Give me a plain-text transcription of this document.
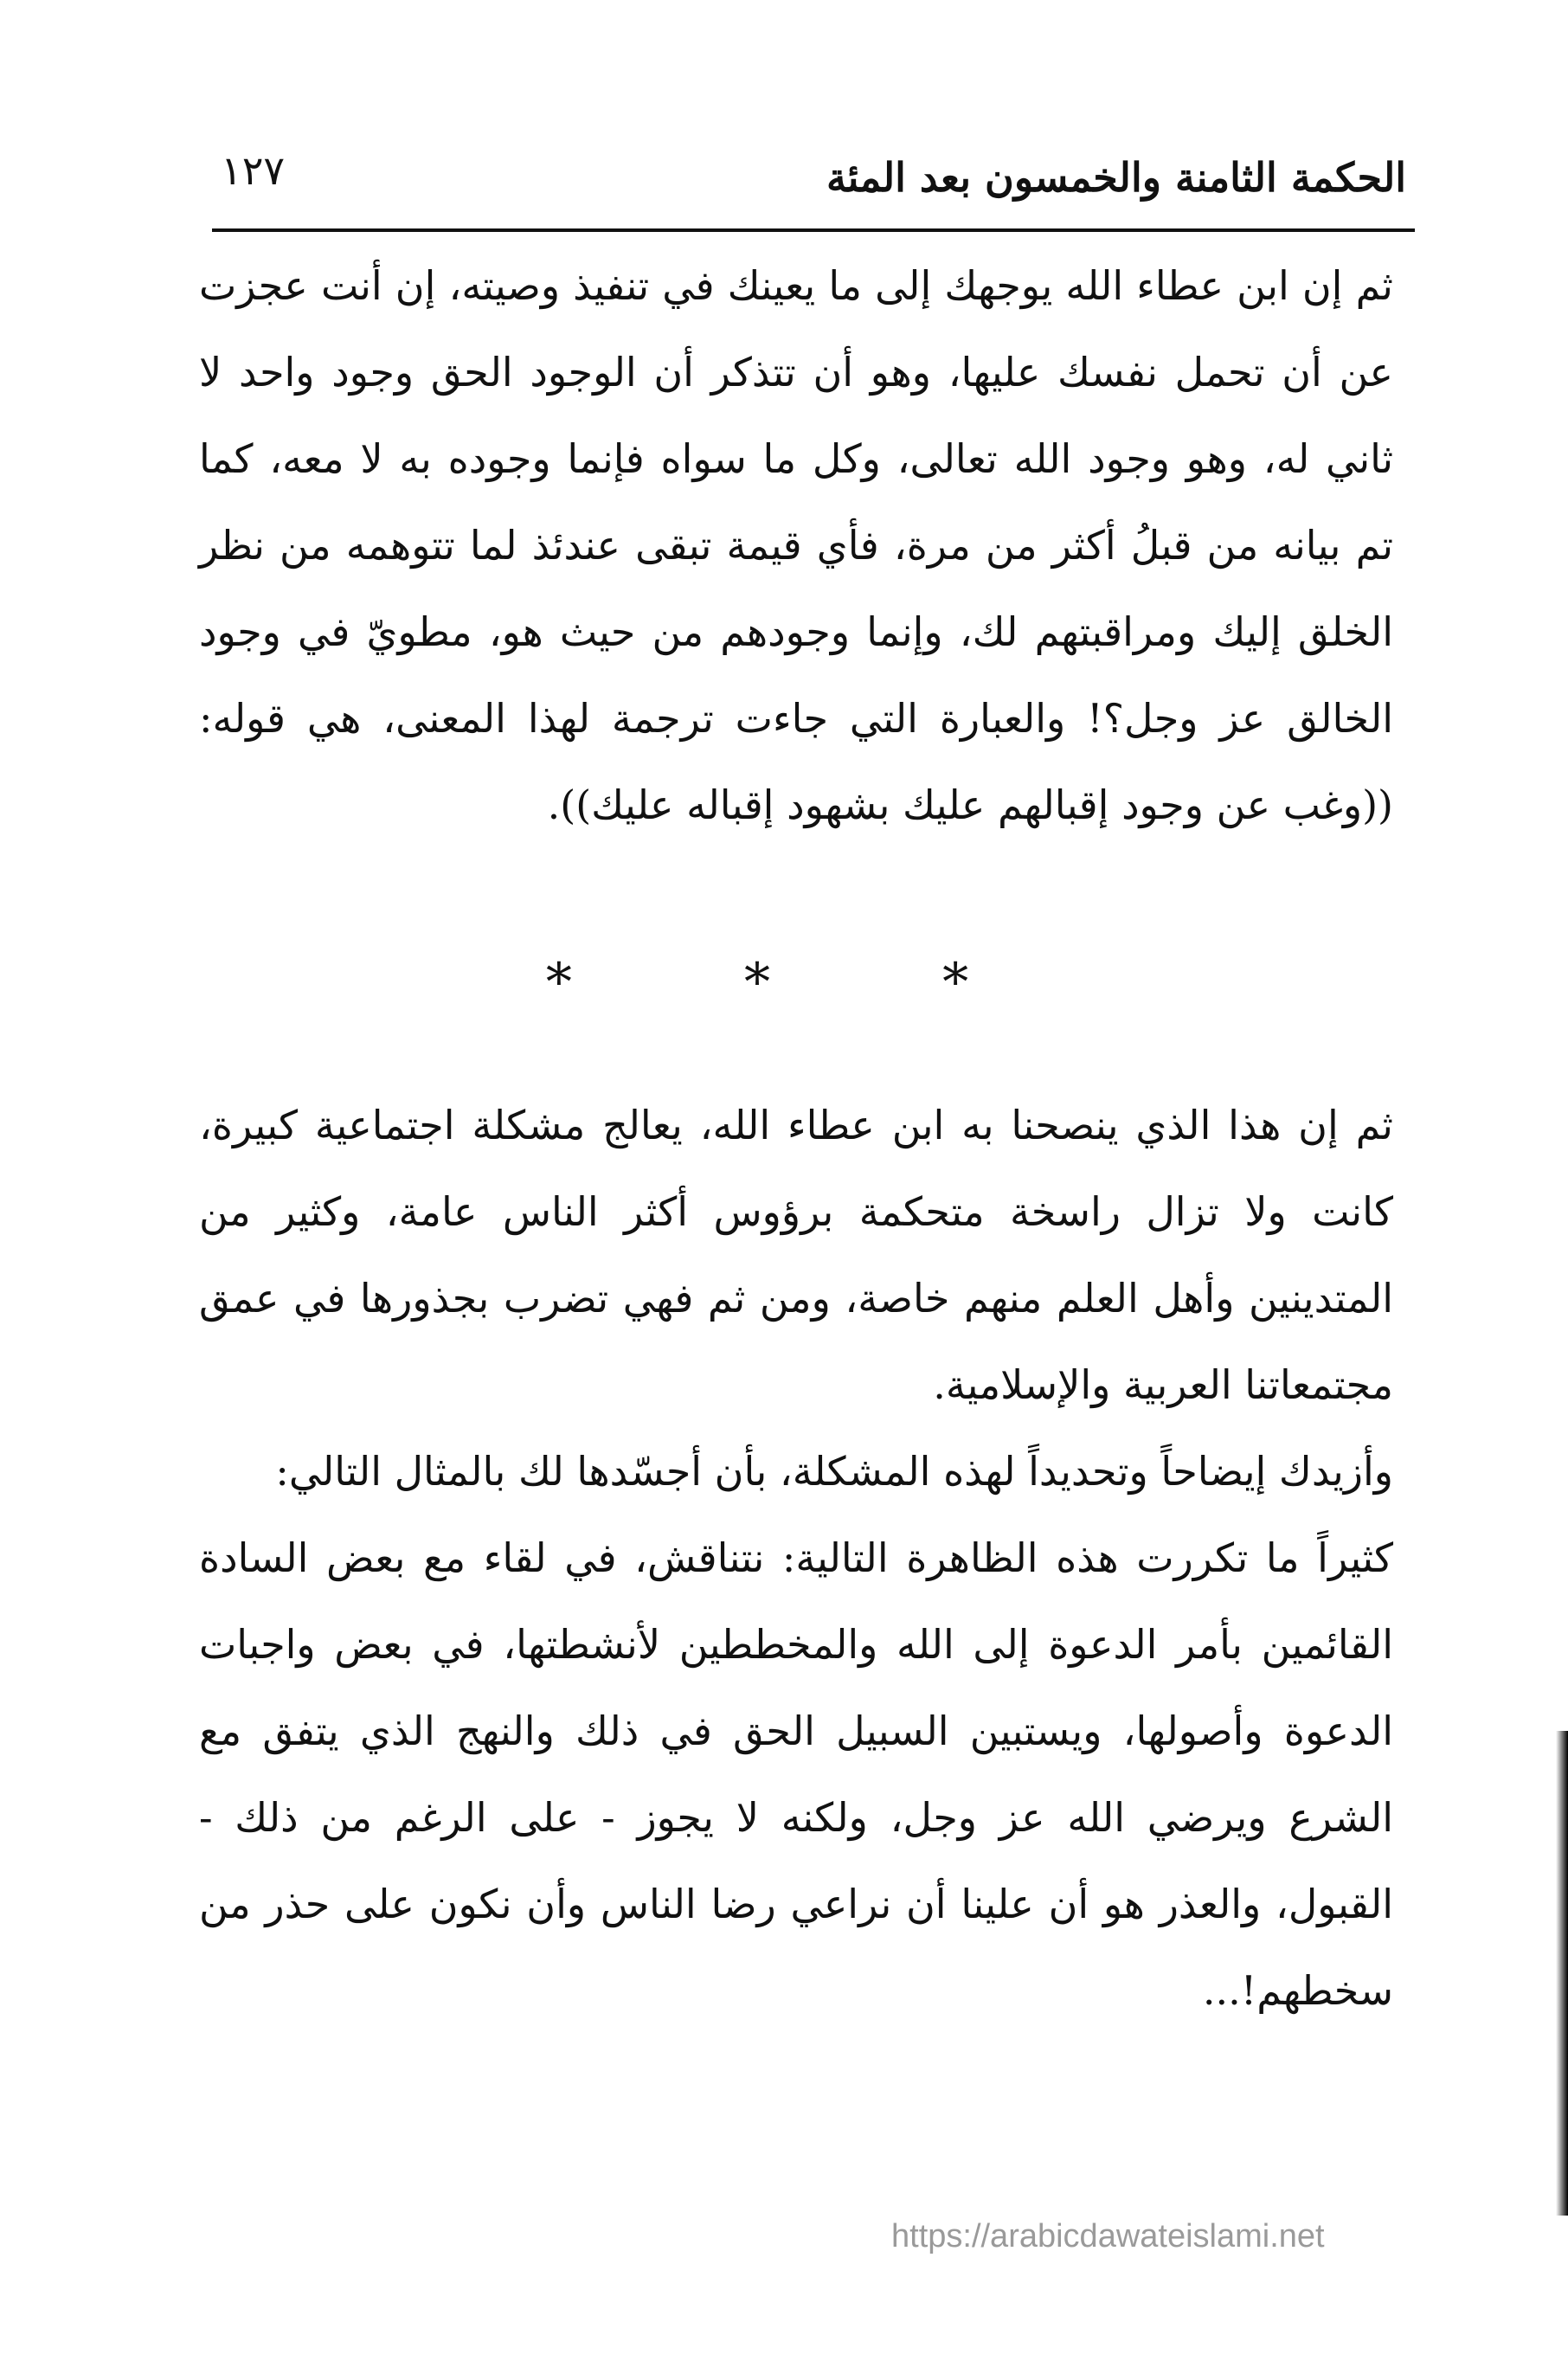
الحكمة الثامنة والخمسون بعد المئة
١٢٧

ثم إن ابن عطاء الله يوجهك إلى ما يعينك في تنفيذ وصيته، إن أنت عجزت عن أن تحمل نفسك عليها، وهو أن تتذكر أن الوجود الحق وجود واحد لا ثاني له، وهو وجود الله تعالى، وكل ما سواه فإنما وجوده به لا معه، كما تم بيانه من قبلُ أكثر من مرة، فأي قيمة تبقى عندئذ لما تتوهمه من نظر الخلق إليك ومراقبتهم لك، وإنما وجودهم من حيث هو، مطويّ في وجود الخالق عز وجل؟! والعبارة التي جاءت ترجمة لهذا المعنى، هي قوله: ((وغب عن وجود إقبالهم عليك بشهود إقباله عليك)).

* * *

ثم إن هذا الذي ينصحنا به ابن عطاء الله، يعالج مشكلة اجتماعية كبيرة، كانت ولا تزال راسخة متحكمة برؤوس أكثر الناس عامة، وكثير من المتدينين وأهل العلم منهم خاصة، ومن ثم فهي تضرب بجذورها في عمق مجتمعاتنا العربية والإسلامية.

وأزيدك إيضاحاً وتحديداً لهذه المشكلة، بأن أجسّدها لك بالمثال التالي:

كثيراً ما تكررت هذه الظاهرة التالية: نتناقش، في لقاء مع بعض السادة القائمين بأمر الدعوة إلى الله والمخططين لأنشطتها، في بعض واجبات الدعوة وأصولها، ويستبين السبيل الحق في ذلك والنهج الذي يتفق مع الشرع ويرضي الله عز وجل، ولكنه لا يجوز - على الرغم من ذلك - القبول، والعذر هو أن علينا أن نراعي رضا الناس وأن نكون على حذر من سخطهم!...

https://arabicdawateislami.net
